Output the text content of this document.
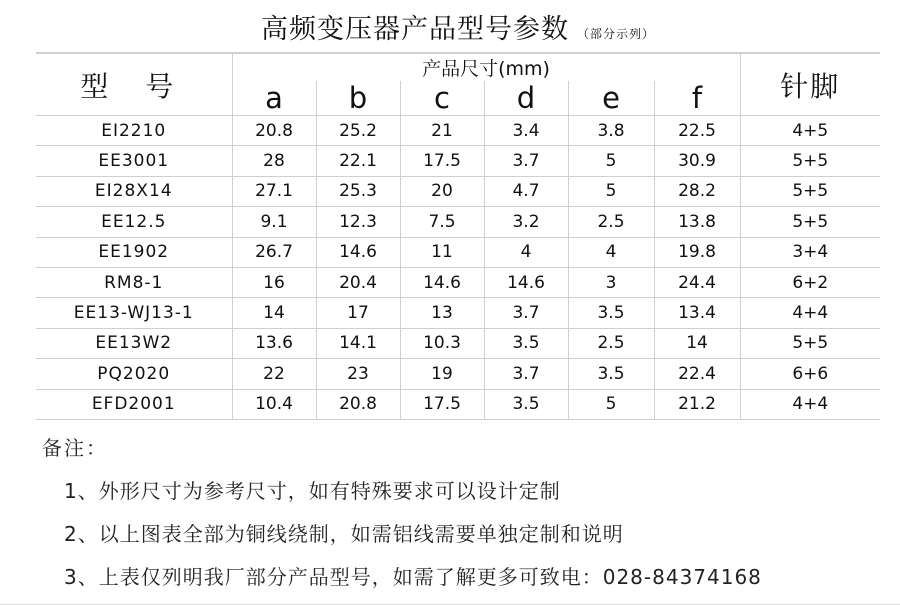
高频变压器产品型号参数 （部分示列）
型 号	产品尺寸(mm)						针脚
	a	b	c	d	e	f	
EI2210	20.8	25.2	21	3.4	3.8	22.5	4+5
EE3001	28	22.1	17.5	3.7	5	30.9	5+5
EI28X14	27.1	25.3	20	4.7	5	28.2	5+5
EE12.5	9.1	12.3	7.5	3.2	2.5	13.8	5+5
EE1902	26.7	14.6	11	4	4	19.8	3+4
RM8-1	16	20.4	14.6	14.6	3	24.4	6+2
EE13-WJ13-1	14	17	13	3.7	3.5	13.4	4+4
EE13W2	13.6	14.1	10.3	3.5	2.5	14	5+5
PQ2020	22	23	19	3.7	3.5	22.4	6+6
EFD2001	10.4	20.8	17.5	3.5	5	21.2	4+4
备注：
1、外形尺寸为参考尺寸，如有特殊要求可以设计定制
2、以上图表全部为铜线绕制，如需铝线需要单独定制和说明
3、上表仅列明我厂部分产品型号，如需了解更多可致电：028-84374168
